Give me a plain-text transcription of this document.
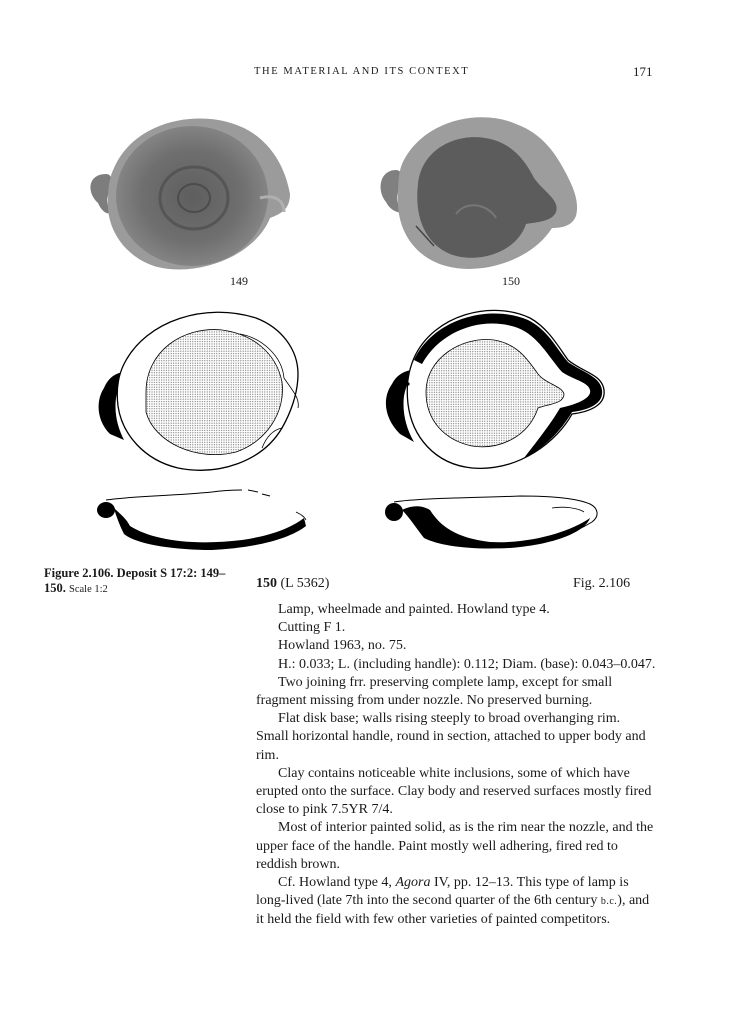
THE MATERIAL AND ITS CONTEXT	171
149	150
Figure 2.106. Deposit S 17:2: 149–150. Scale 1:2	150 (L 5362)	Fig. 2.106

Lamp, wheelmade and painted. Howland type 4.

Cutting F 1.

Howland 1963, no. 75.

H.: 0.033; L. (including handle): 0.112; Diam. (base): 0.043–0.047.

Two joining frr. preserving complete lamp, except for small fragment missing from under nozzle. No preserved burning.

Flat disk base; walls rising steeply to broad overhanging rim. Small horizontal handle, round in section, attached to upper body and rim.

Clay contains noticeable white inclusions, some of which have erupted onto the surface. Clay body and reserved surfaces mostly fired close to pink 7.5YR 7/4.

Most of interior painted solid, as is the rim near the nozzle, and the upper face of the handle. Paint mostly well adhering, fired red to reddish brown.

Cf. Howland type 4, Agora IV, pp. 12–13. This type of lamp is long-lived (late 7th into the second quarter of the 6th century b.c.), and it held the field with few other varieties of painted competitors.
